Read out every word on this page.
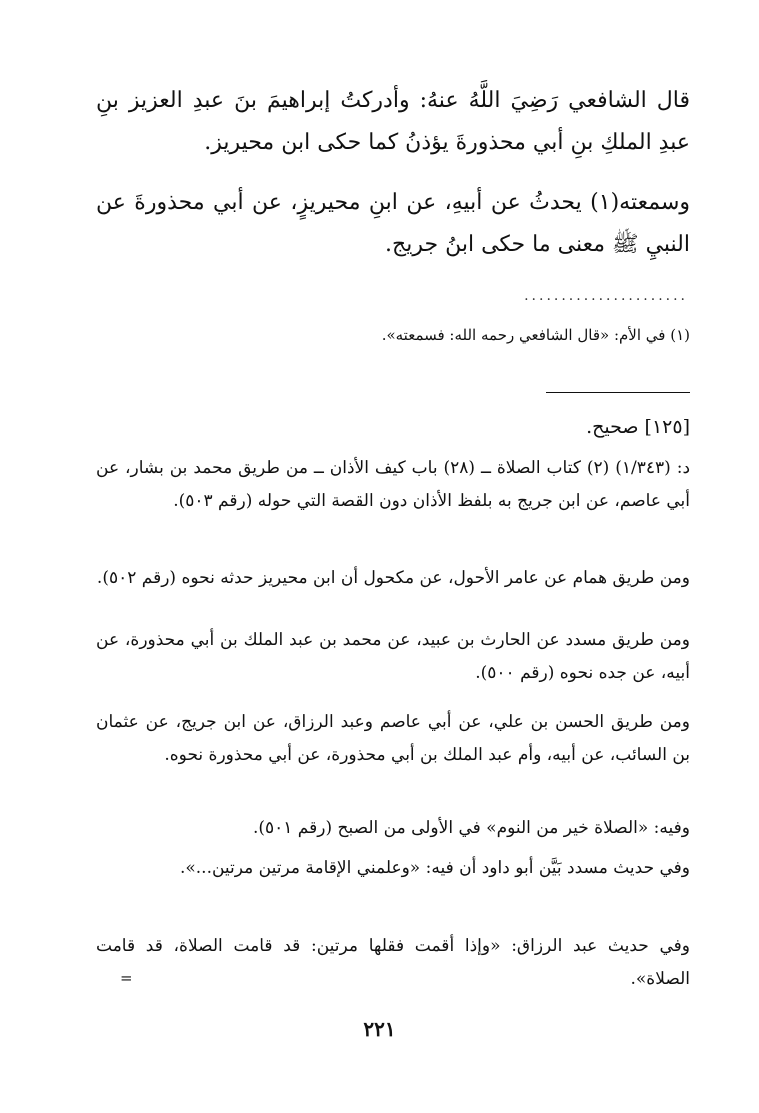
قال الشافعي رَضِيَ اللَّهُ عنهُ: وأدركتُ إبراهيمَ بنَ عبدِ العزيز بنِ عبدِ الملكِ بنِ أبي محذورةَ يؤذنُ كما حكى ابن محيريز.

وسمعته(١) يحدثُ عن أبيهِ، عن ابنِ محيريزٍ، عن أبي محذورةَ عن النبيِ ﷺ معنى ما حكى ابنُ جريج.

......................
(١) في الأم: «قال الشافعي رحمه الله: فسمعته».
[١٢٥] صحيح.

د: (١/٣٤٣) (٢) كتاب الصلاة ــ (٢٨) باب كيف الأذان ــ من طريق محمد بن بشار، عن أبي عاصم، عن ابن جريج به بلفظ الأذان دون القصة التي حوله (رقم ٥٠٣).

ومن طريق همام عن عامر الأحول، عن مكحول أن ابن محيريز حدثه نحوه (رقم ٥٠٢).

ومن طريق مسدد عن الحارث بن عبيد، عن محمد بن عبد الملك بن أبي محذورة، عن أبيه، عن جده نحوه (رقم ٥٠٠).

ومن طريق الحسن بن علي، عن أبي عاصم وعبد الرزاق، عن ابن جريج، عن عثمان بن السائب، عن أبيه، وأم عبد الملك بن أبي محذورة، عن أبي محذورة نحوه.

وفيه: «الصلاة خير من النوم» في الأولى من الصبح (رقم ٥٠١).

وفي حديث مسدد بَيَّن أبو داود أن فيه: «وعلمني الإقامة مرتين مرتين...».

وفي حديث عبد الرزاق: «وإذا أقمت فقلها مرتين: قد قامت الصلاة، قد قامت الصلاة».

=
٢٢١
